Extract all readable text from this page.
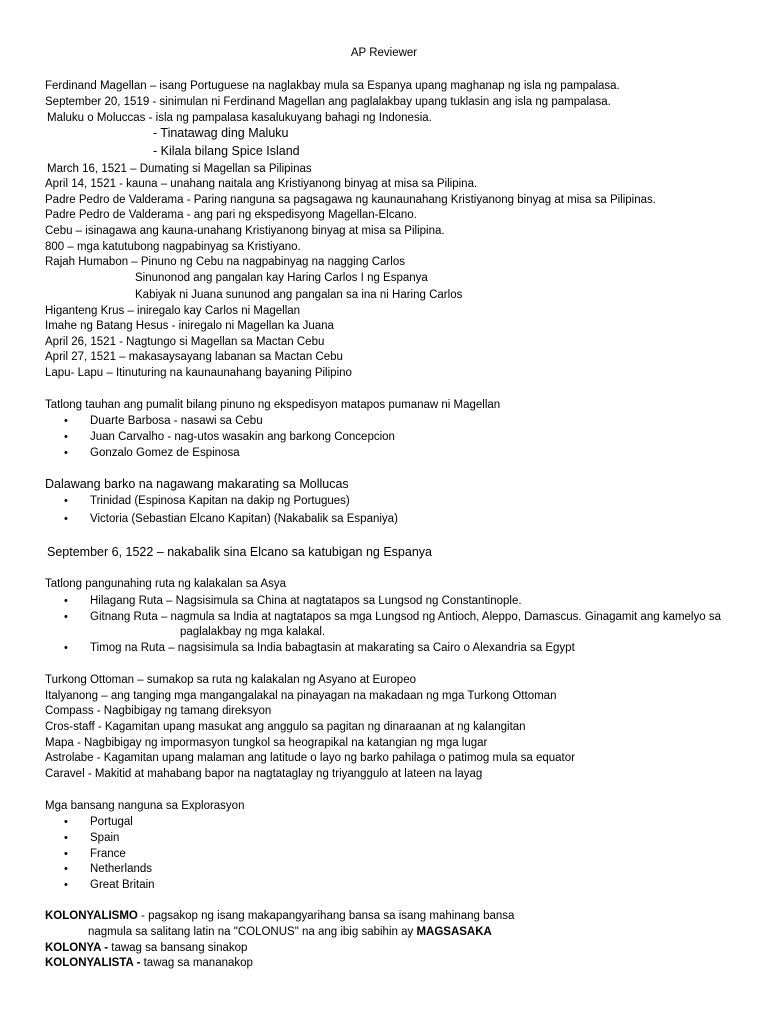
AP Reviewer
Ferdinand Magellan – isang Portuguese na naglakbay mula sa Espanya upang maghanap ng isla ng pampalasa.
September 20, 1519 - sinimulan ni Ferdinand Magellan ang paglalakbay upang tuklasin ang isla ng pampalasa.
Maluku o Moluccas - isla ng pampalasa kasalukuyang bahagi ng Indonesia.
- Tinatawag ding Maluku
- Kilala bilang Spice Island
March 16, 1521 – Dumating si Magellan sa Pilipinas
April 14, 1521 - kauna – unahang naitala ang Kristiyanong binyag at misa sa Pilipina.
Padre Pedro de Valderama - Paring nanguna sa pagsagawa ng kaunaunahang Kristiyanong binyag at misa sa Pilipinas.
Padre Pedro de Valderama - ang pari ng ekspedisyong Magellan-Elcano.
Cebu – isinagawa ang kauna-unahang Kristiyanong binyag at misa sa Pilipina.
800 – mga katutubong nagpabinyag sa Kristiyano.
Rajah Humabon – Pinuno ng Cebu na nagpabinyag na nagging Carlos
Sinunonod ang pangalan kay Haring Carlos I ng Espanya
Kabiyak ni Juana sununod ang pangalan sa ina ni Haring Carlos
Higanteng Krus – iniregalo kay Carlos ni Magellan
Imahe ng Batang Hesus - iniregalo ni Magellan ka Juana
April 26, 1521 - Nagtungo si Magellan sa Mactan Cebu
April 27, 1521 – makasaysayang labanan sa Mactan Cebu
Lapu- Lapu – Itinuturing na kaunaunahang bayaning Pilipino
Tatlong tauhan ang pumalit bilang pinuno ng ekspedisyon matapos pumanaw ni Magellan
• Duarte Barbosa - nasawi sa Cebu
• Juan Carvalho - nag-utos wasakin ang barkong Concepcion
• Gonzalo Gomez de Espinosa
Dalawang barko na nagawang makarating sa Mollucas
• Trinidad (Espinosa Kapitan na dakip ng Portugues)
• Victoria (Sebastian Elcano Kapitan) (Nakabalik sa Espaniya)
September 6, 1522 – nakabalik sina Elcano sa katubigan ng Espanya
Tatlong pangunahing ruta ng kalakalan sa Asya
• Hilagang Ruta – Nagsisimula sa China at nagtatapos sa Lungsod ng Constantinople.
• Gitnang Ruta – nagmula sa India at nagtatapos sa mga Lungsod ng Antioch, Aleppo, Damascus. Ginagamit ang kamelyo sa
paglalakbay ng mga kalakal.
• Timog na Ruta – nagsisimula sa India babagtasin at makarating sa Cairo o Alexandria sa Egypt
Turkong Ottoman – sumakop sa ruta ng kalakalan ng Asyano at Europeo
Italyanong – ang tanging mga mangangalakal na pinayagan na makadaan ng mga Turkong Ottoman
Compass - Nagbibigay ng tamang direksyon
Cros-staff - Kagamitan upang masukat ang anggulo sa pagitan ng dinaraanan at ng kalangitan
Mapa - Nagbibigay ng impormasyon tungkol sa heograpikal na katangian ng mga lugar
Astrolabe - Kagamitan upang malaman ang latitude o layo ng barko pahilaga o patimog mula sa equator
Caravel - Makitid at mahabang bapor na nagtataglay ng triyanggulo at lateen na layag
Mga bansang nanguna sa Explorasyon
• Portugal
• Spain
• France
• Netherlands
• Great Britain
KOLONYALISMO - pagsakop ng isang makapangyarihang bansa sa isang mahinang bansa
nagmula sa salitang latin na "COLONUS" na ang ibig sabihin ay MAGSASAKA
KOLONYA - tawag sa bansang sinakop
KOLONYALISTA - tawag sa mananakop
